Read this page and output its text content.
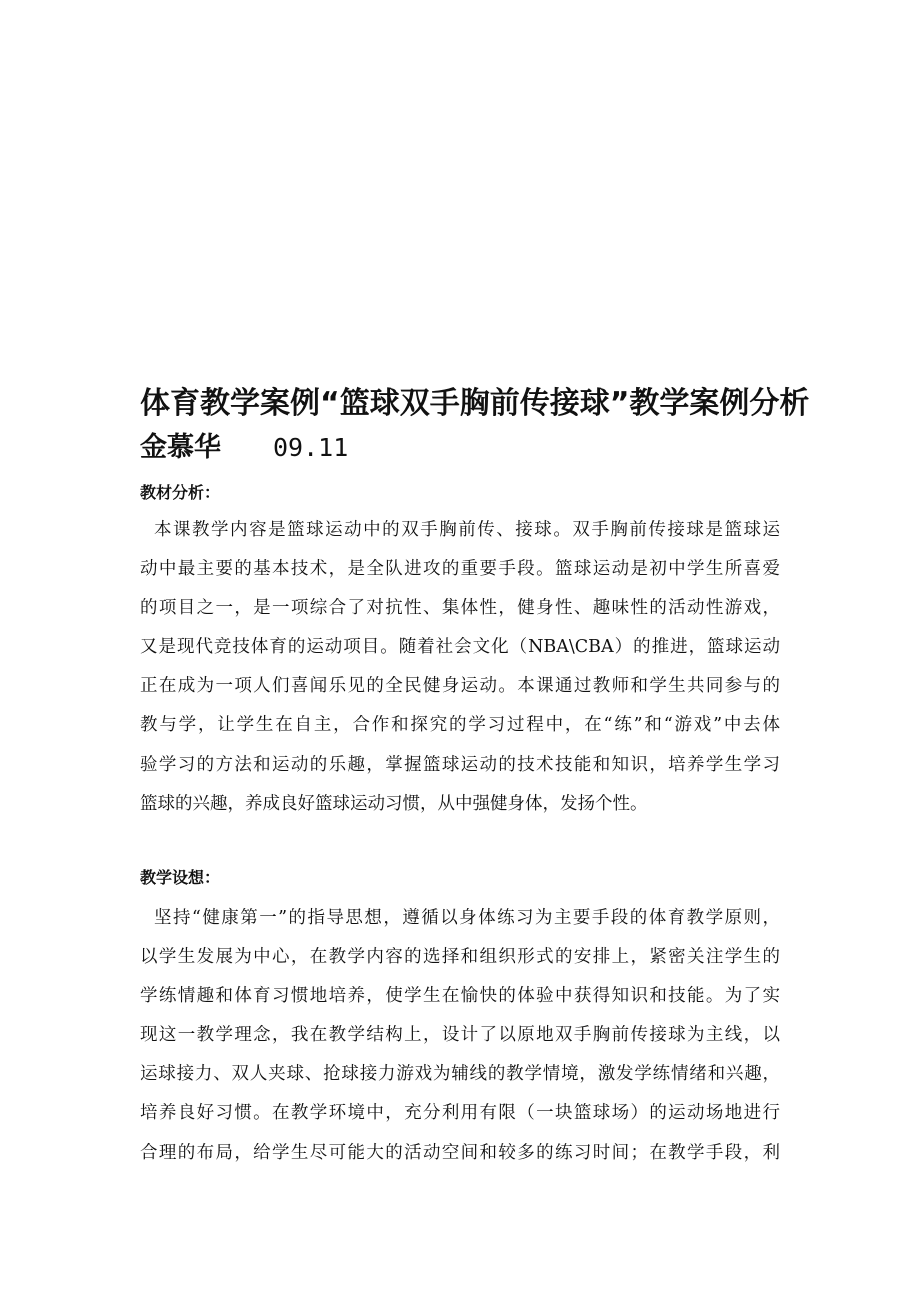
体育教学案例“篮球双手胸前传接球”教学案例分析
金慕华 09.11
教材分析：
本课教学内容是篮球运动中的双手胸前传、接球。双手胸前传接球是篮球运
动中最主要的基本技术，是全队进攻的重要手段。篮球运动是初中学生所喜爱
的项目之一，是一项综合了对抗性、集体性，健身性、趣味性的活动性游戏，
又是现代竞技体育的运动项目。随着社会文化（NBA\CBA）的推进，篮球运动
正在成为一项人们喜闻乐见的全民健身运动。本课通过教师和学生共同参与的
教与学，让学生在自主，合作和探究的学习过程中，在“练”和“游戏”中去体
验学习的方法和运动的乐趣，掌握篮球运动的技术技能和知识，培养学生学习
篮球的兴趣，养成良好篮球运动习惯，从中强健身体，发扬个性。
教学设想：
坚持“健康第一”的指导思想，遵循以身体练习为主要手段的体育教学原则，
以学生发展为中心，在教学内容的选择和组织形式的安排上，紧密关注学生的
学练情趣和体育习惯地培养，使学生在愉快的体验中获得知识和技能。为了实
现这一教学理念，我在教学结构上，设计了以原地双手胸前传接球为主线，以
运球接力、双人夹球、抢球接力游戏为辅线的教学情境，激发学练情绪和兴趣，
培养良好习惯。在教学环境中，充分利用有限（一块篮球场）的运动场地进行
合理的布局，给学生尽可能大的活动空间和较多的练习时间；在教学手段，利
